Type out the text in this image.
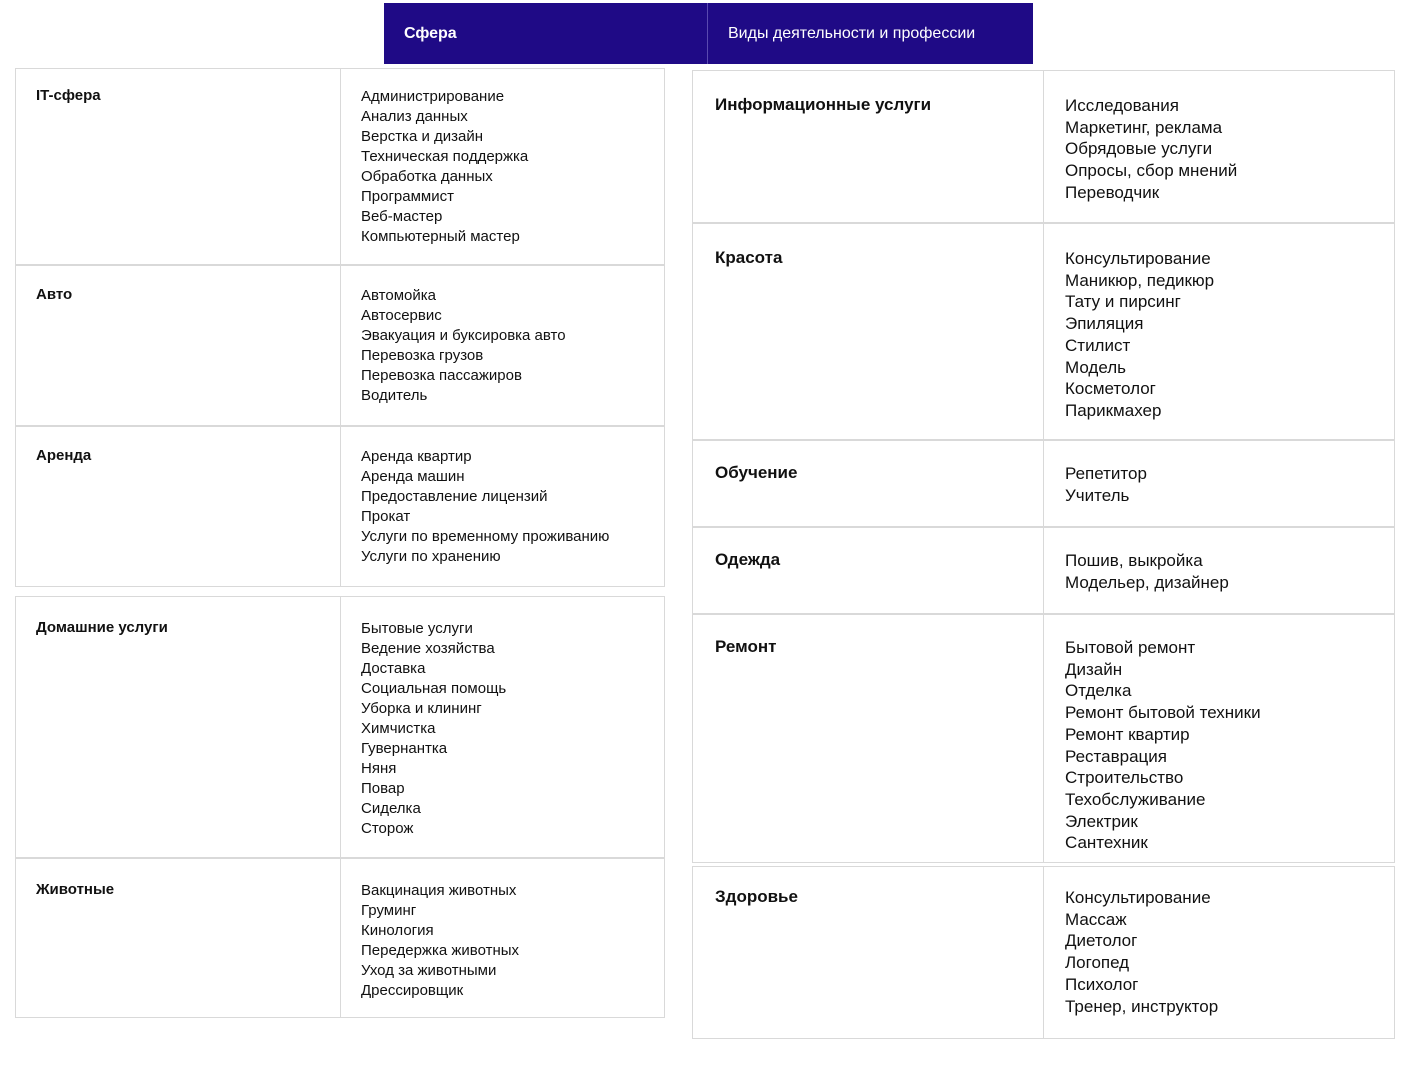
Сфера	Виды деятельности и профессии
IT-сфера	Администрирование
Анализ данных
Верстка и дизайн
Техническая поддержка
Обработка данных
Программист
Веб-мастер
Компьютерный мастер
Авто	Автомойка
Автосервис
Эвакуация и буксировка авто
Перевозка грузов
Перевозка пассажиров
Водитель
Аренда	Аренда квартир
Аренда машин
Предоставление лицензий
Прокат
Услуги по временному проживанию
Услуги по хранению
Домашние услуги	Бытовые услуги
Ведение хозяйства
Доставка
Социальная помощь
Уборка и клининг
Химчистка
Гувернантка
Няня
Повар
Сиделка
Сторож
Животные	Вакцинация животных
Груминг
Кинология
Передержка животных
Уход за животными
Дрессировщик
Информационные услуги	Исследования
Маркетинг, реклама
Обрядовые услуги
Опросы, сбор мнений
Переводчик
Красота	Консультирование
Маникюр, педикюр
Тату и пирсинг
Эпиляция
Стилист
Модель
Косметолог
Парикмахер
Обучение	Репетитор
Учитель
Одежда	Пошив, выкройка
Модельер, дизайнер
Ремонт	Бытовой ремонт
Дизайн
Отделка
Ремонт бытовой техники
Ремонт квартир
Реставрация
Строительство
Техобслуживание
Электрик
Сантехник
Здоровье	Консультирование
Массаж
Диетолог
Логопед
Психолог
Тренер, инструктор
